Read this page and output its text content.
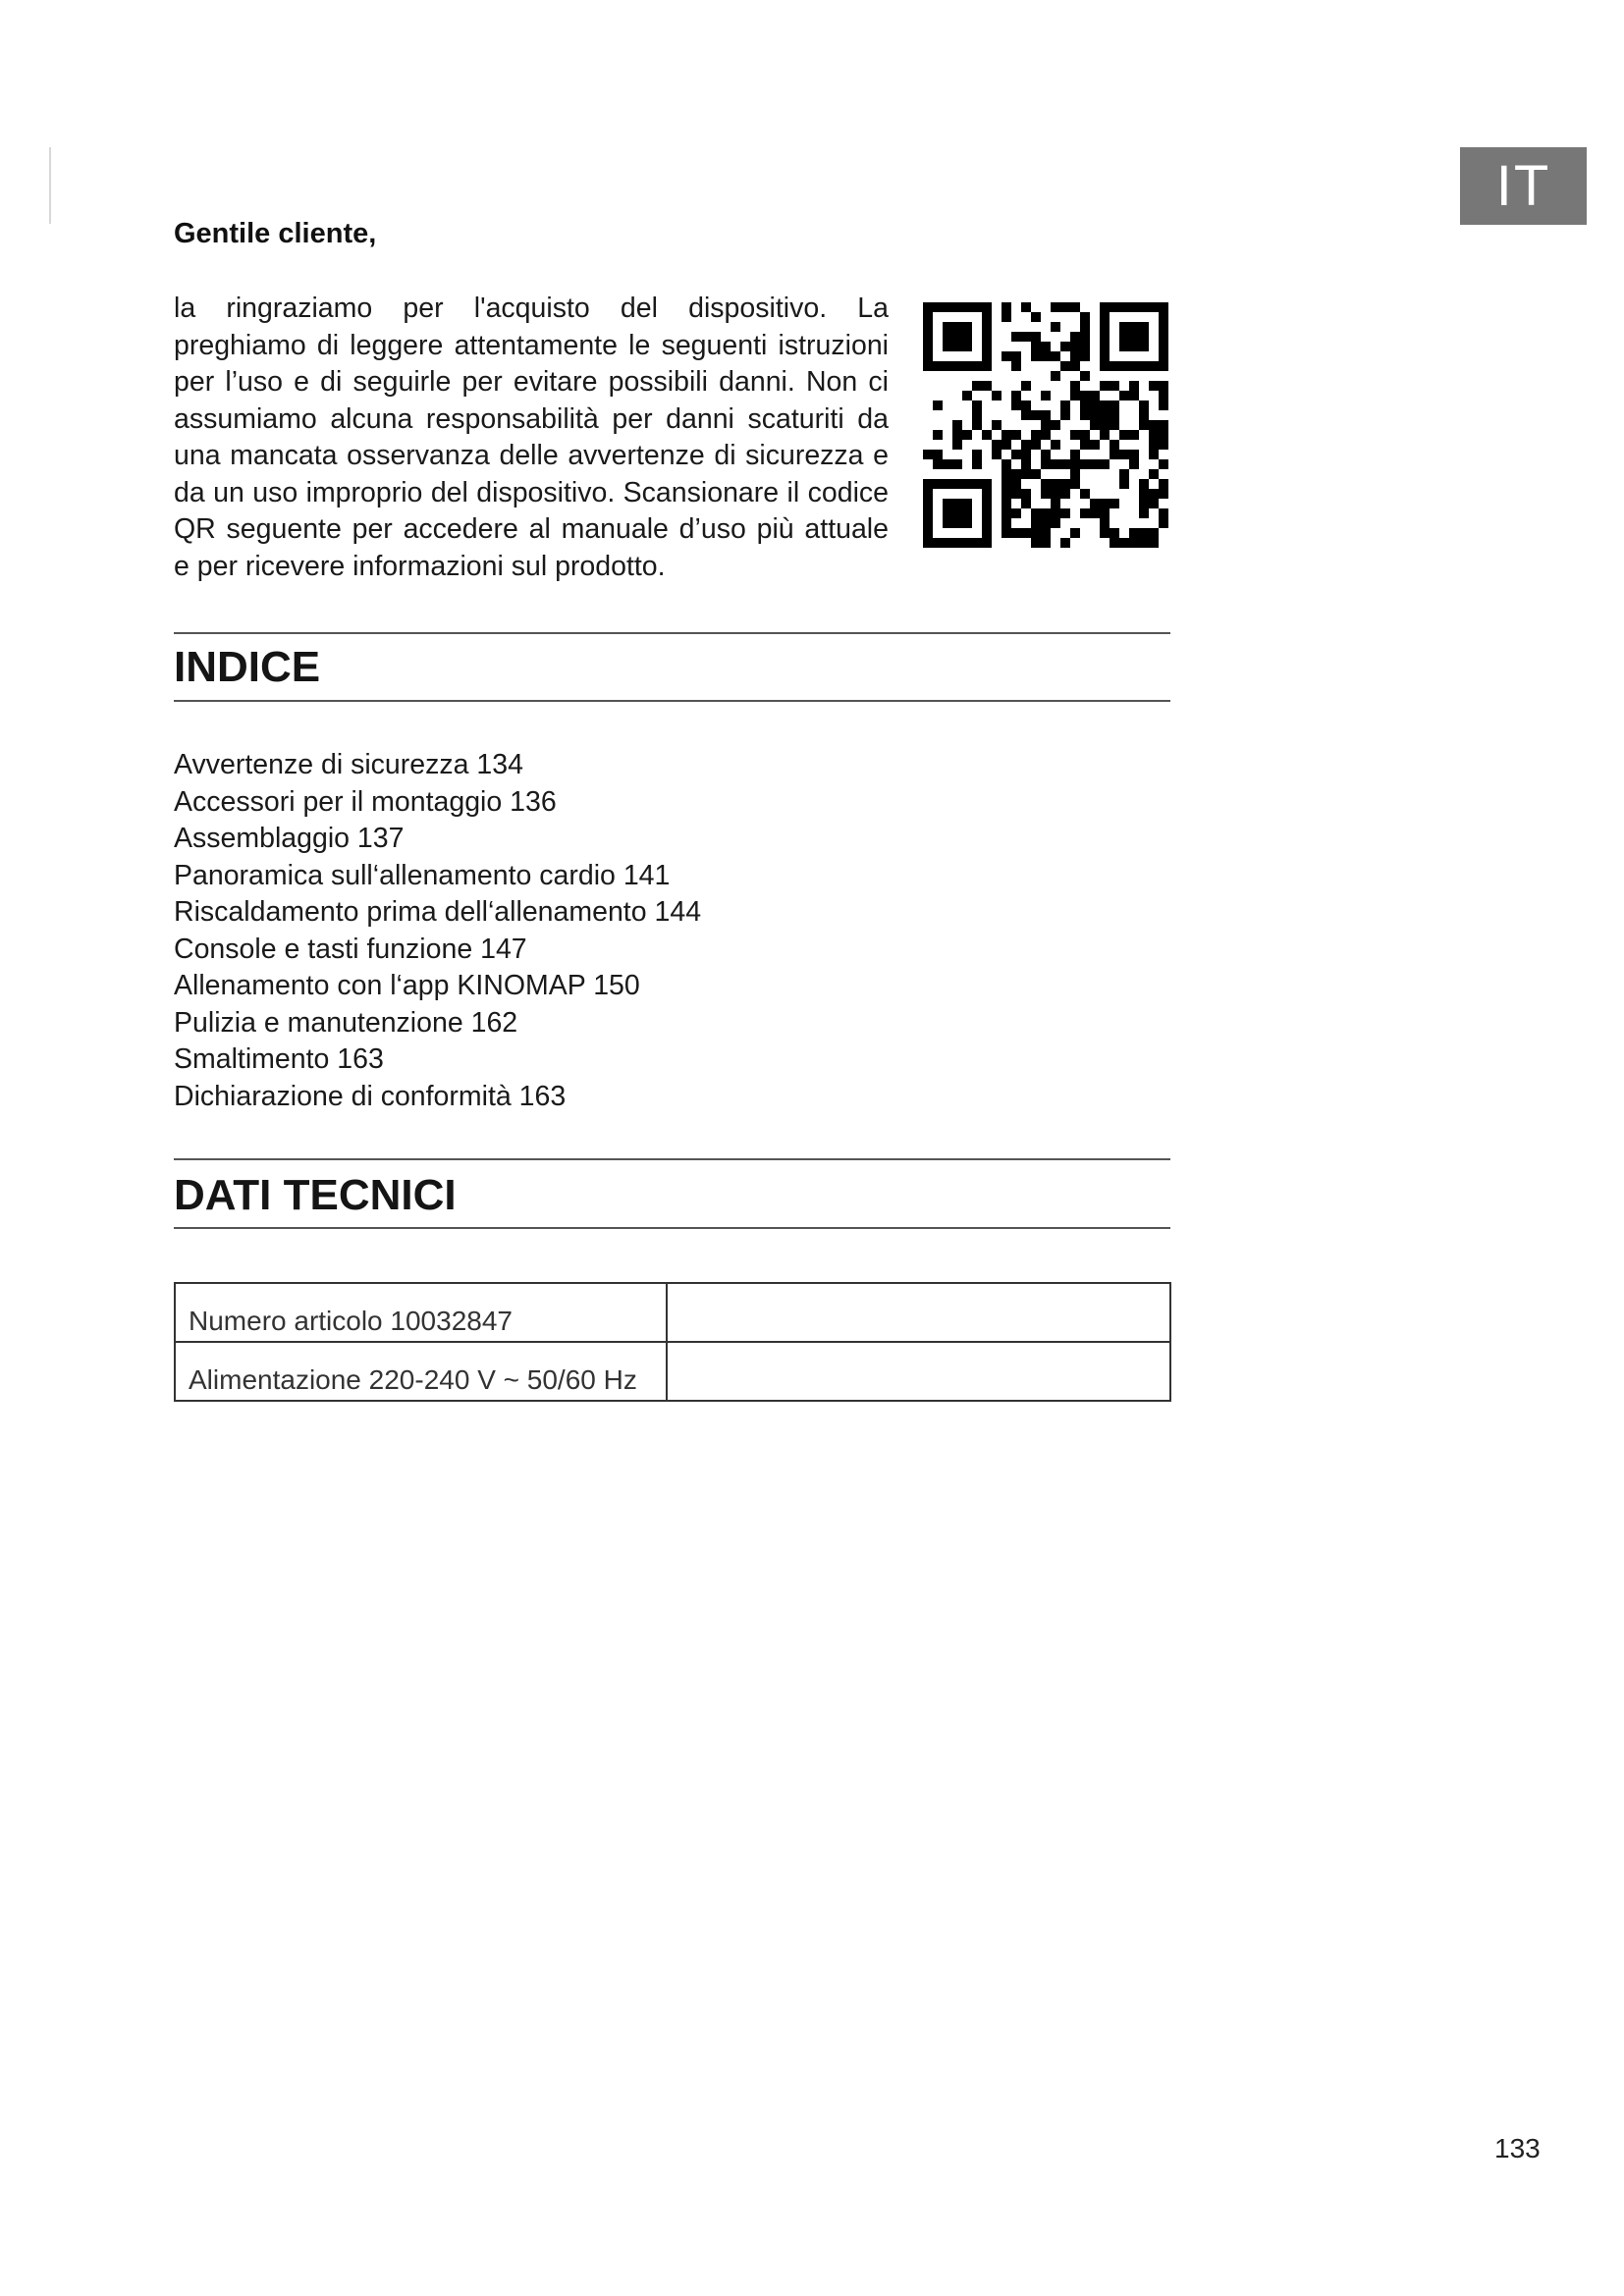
IT
Gentile cliente,

la ringraziamo per l'acquisto del dispositivo. La preghiamo di leggere attentamente le seguenti istruzioni per l’uso e di seguirle per evitare possibili danni. Non ci assumiamo alcuna responsabilità per danni scaturiti da una mancata osservanza delle avvertenze di sicurezza e da un uso improprio del dispositivo. Scansionare il codice QR seguente per accedere al manuale d’uso più attuale e per ricevere informazioni sul prodotto.

INDICE
Avvertenze di sicurezza 134
Accessori per il montaggio 136
Assemblaggio 137
Panoramica sull‘allenamento cardio 141
Riscaldamento prima dell‘allenamento 144
Console e tasti funzione 147
Allenamento con l‘app KINOMAP 150
Pulizia e manutenzione 162
Smaltimento 163
Dichiarazione di conformità 163
DATI TECNICI
Numero articolo 10032847	
Alimentazione 220-240 V ~ 50/60 Hz	
133
